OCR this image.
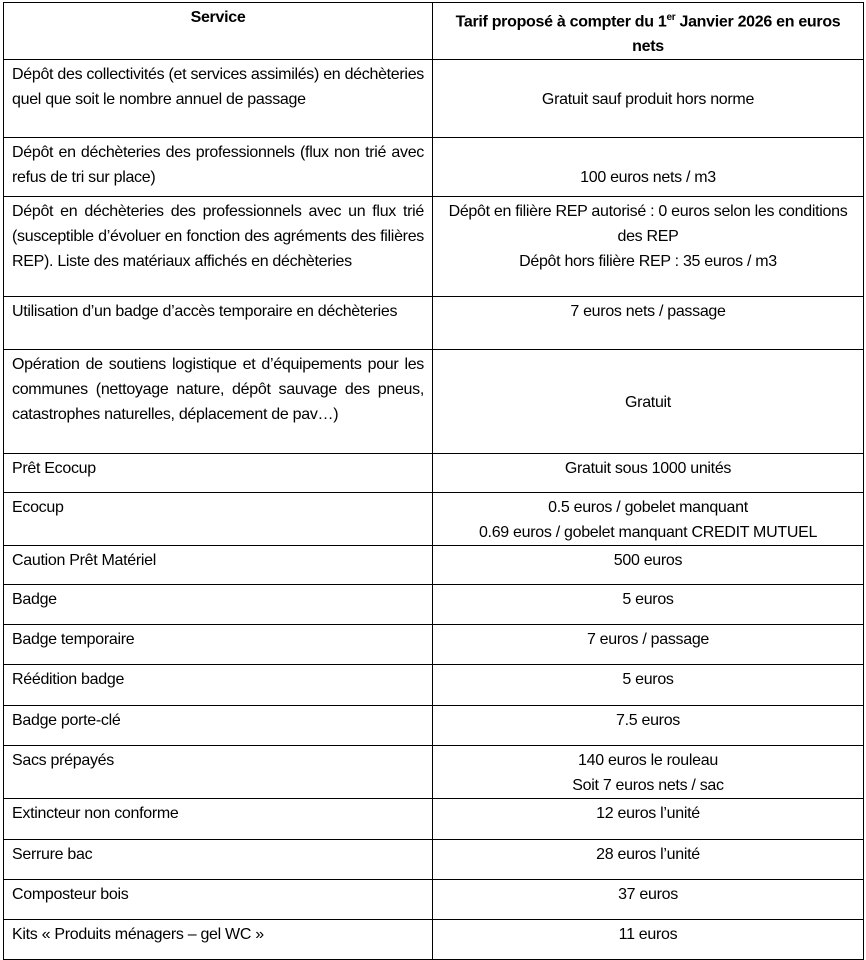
Service	Tarif proposé à compter du 1er Janvier 2026 en euros nets

Dépôt des collectivités (et services assimilés) en déchèteries quel que soit le nombre annuel de passage	Gratuit sauf produit hors norme

Dépôt en déchèteries des professionnels (flux non trié avec refus de tri sur place)	100 euros nets / m3

Dépôt en déchèteries des professionnels avec un flux trié (susceptible d’évoluer en fonction des agréments des filières REP). Liste des matériaux affichés en déchèteries	Dépôt en filière REP autorisé : 0 euros selon les conditions des REP
Dépôt hors filière REP : 35 euros / m3

Utilisation d’un badge d’accès temporaire en déchèteries	7 euros nets / passage

Opération de soutiens logistique et d’équipements pour les communes (nettoyage nature, dépôt sauvage des pneus, catastrophes naturelles, déplacement de pav…)	Gratuit

Prêt Ecocup	Gratuit sous 1000 unités

Ecocup	0.5 euros / gobelet manquant
0.69 euros / gobelet manquant CREDIT MUTUEL

Caution Prêt Matériel	500 euros

Badge	5 euros

Badge temporaire	7 euros / passage

Réédition badge	5 euros

Badge porte-clé	7.5 euros

Sacs prépayés	140 euros le rouleau
Soit 7 euros nets / sac

Extincteur non conforme	12 euros l’unité

Serrure bac	28 euros l’unité

Composteur bois	37 euros

Kits « Produits ménagers – gel WC »	11 euros
